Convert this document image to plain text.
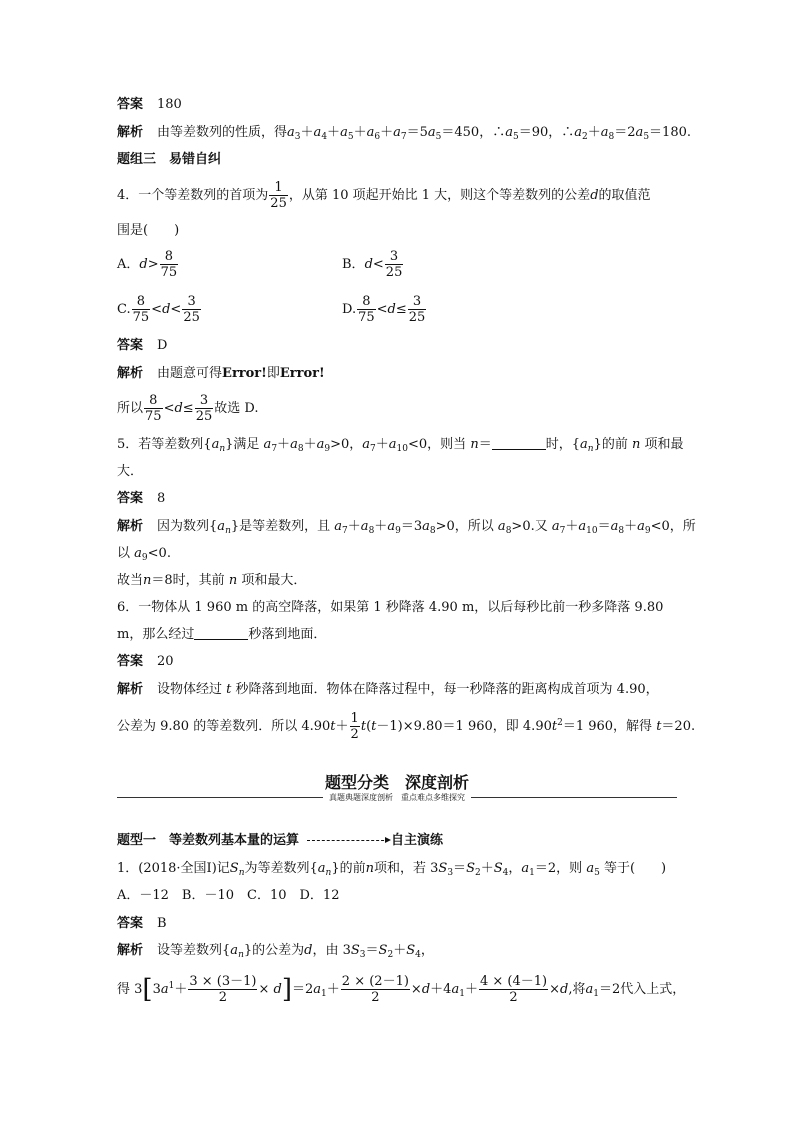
答案 180
解析 由等差数列的性质，得$a_3+a_4+a_5+a_6+a_7=5a_5=450$，$\therefore a_5=90$，$\therefore a_2+a_8=2a_5=180$.
题组三　易错自纠
4．一个等差数列的首项为 $\frac{1}{25}$ ，从第 10 项起开始比 1 大，则这个等差数列的公差d的取值范
围是(　　)
A．$d> \frac{8}{75}$	B．$d< \frac{3}{25}$
C. $\frac{8}{75} <d< \frac{3}{25}$	D. $\frac{8}{75} <d\le \frac{3}{25}$
答案 D
解析 由题意可得Error!即Error!
所以 $\frac{8}{75} <d\le \frac{3}{25}$ 故选 D.
5．若等差数列$\{a_n\}$满足 $a_7+a_8+a_9>0$，$a_7+a_{10}<0$，则当 n＝	时，$\{a_n\}$的前 n 项和最
大．
答案 8
解析 因为数列$\{a_n\}$是等差数列，且 $a_7+a_8+a_9=3a_8>0$，所以 $a_8>0$.又 $a_7+a_{10}=a_8+a_9<0$，所
以 $a_9<0$.
故当n＝8时，其前 n 项和最大．
6．一物体从 1 960 m 的高空降落，如果第 1 秒降落 4.90 m，以后每秒比前一秒多降落 9.80
m，那么经过	秒落到地面．
答案 20
解析 设物体经过 t 秒降落到地面．物体在降落过程中，每一秒降落的距离构成首项为 4.90，
公差为 9.80 的等差数列．所以 $4.90t+ \frac{1}{2} t(t-1)\times 9.80=1$ 960，即 $4.90t^2=1$ 960，解得 t＝20.
题型分类　深度剖析
真题典题深度剖析　重点难点多维探究
题型一　等差数列基本量的运算	自主演练
1．(2018·全国Ⅰ)记$S_n$为等差数列$\{a_n\}$的前n项和，若 $3S_3=S_2+S_4$，$a_1=2$，则 $a_5$ 等于(　　)
A．－12　B．－10　C．10　D．12
答案 B
解析 设等差数列$\{a_n\}$的公差为d，由 $3S_3=S_2+S_4$，
得 $3[3a^1+ \frac{3 \times (3-1)}{2} \times d]=2a_1+ \frac{2 \times (2-1)}{2} \times d+4a_1+ \frac{4 \times (4-1)}{2} \times d$,将$a_1=2$代入上式，
